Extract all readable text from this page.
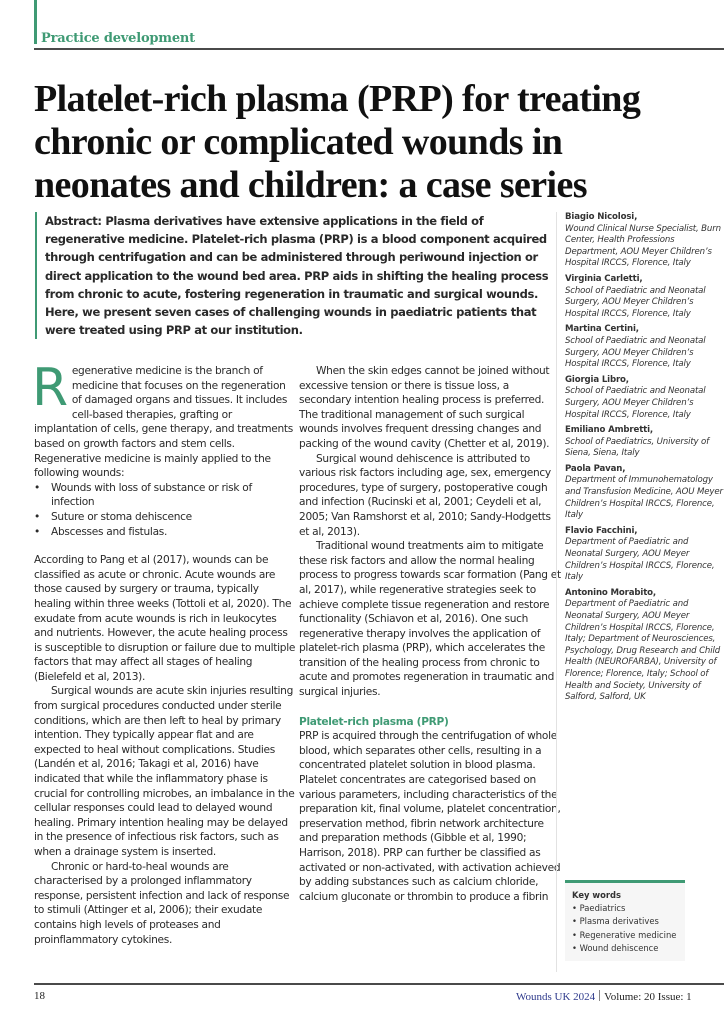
Practice development
Platelet-rich plasma (PRP) for treating chronic or complicated wounds in neonates and children: a case series
Abstract: Plasma derivatives have extensive applications in the field of regenerative medicine. Platelet-rich plasma (PRP) is a blood component acquired through centrifugation and can be administered through periwound injection or direct application to the wound bed area. PRP aids in shifting the healing process from chronic to acute, fostering regeneration in traumatic and surgical wounds. Here, we present seven cases of challenging wounds in paediatric patients that were treated using PRP at our institution.

Regenerative medicine is the branch of medicine that focuses on the regeneration of damaged organs and tissues. It includes cell-based therapies, grafting or implantation of cells, gene therapy, and treatments based on growth factors and stem cells. Regenerative medicine is mainly applied to the following wounds:

• Wounds with loss of substance or risk of infection
• Suture or stoma dehiscence
• Abscesses and fistulas.

According to Pang et al (2017), wounds can be classified as acute or chronic. Acute wounds are those caused by surgery or trauma, typically healing within three weeks (Tottoli et al, 2020). The exudate from acute wounds is rich in leukocytes and nutrients. However, the acute healing process is susceptible to disruption or failure due to multiple factors that may affect all stages of healing (Bielefeld et al, 2013).

Surgical wounds are acute skin injuries resulting from surgical procedures conducted under sterile conditions, which are then left to heal by primary intention. They typically appear flat and are expected to heal without complications. Studies (Landén et al, 2016; Takagi et al, 2016) have indicated that while the inflammatory phase is crucial for controlling microbes, an imbalance in the cellular responses could lead to delayed wound healing. Primary intention healing may be delayed in the presence of infectious risk factors, such as when a drainage system is inserted.

Chronic or hard-to-heal wounds are characterised by a prolonged inflammatory response, persistent infection and lack of response to stimuli (Attinger et al, 2006); their exudate contains high levels of proteases and proinflammatory cytokines.

When the skin edges cannot be joined without excessive tension or there is tissue loss, a secondary intention healing process is preferred. The traditional management of such surgical wounds involves frequent dressing changes and packing of the wound cavity (Chetter et al, 2019).

Surgical wound dehiscence is attributed to various risk factors including age, sex, emergency procedures, type of surgery, postoperative cough and infection (Rucinski et al, 2001; Ceydeli et al, 2005; Van Ramshorst et al, 2010; Sandy-Hodgetts et al, 2013).

Traditional wound treatments aim to mitigate these risk factors and allow the normal healing process to progress towards scar formation (Pang et al, 2017), while regenerative strategies seek to achieve complete tissue regeneration and restore functionality (Schiavon et al, 2016). One such regenerative therapy involves the application of platelet-rich plasma (PRP), which accelerates the transition of the healing process from chronic to acute and promotes regeneration in traumatic and surgical injuries.

Platelet-rich plasma (PRP)

PRP is acquired through the centrifugation of whole blood, which separates other cells, resulting in a concentrated platelet solution in blood plasma. Platelet concentrates are categorised based on various parameters, including characteristics of the preparation kit, final volume, platelet concentration, preservation method, fibrin network architecture and preparation methods (Gibble et al, 1990; Harrison, 2018). PRP can further be classified as activated or non-activated, with activation achieved by adding substances such as calcium chloride, calcium gluconate or thrombin to produce a fibrin

Biagio Nicolosi,
Wound Clinical Nurse Specialist, Burn Center, Health Professions Department, AOU Meyer Children’s Hospital IRCCS, Florence, Italy
Virginia Carletti,
School of Paediatric and Neonatal Surgery, AOU Meyer Children’s Hospital IRCCS, Florence, Italy
Martina Certini,
School of Paediatric and Neonatal Surgery, AOU Meyer Children’s Hospital IRCCS, Florence, Italy
Giorgia Libro,
School of Paediatric and Neonatal Surgery, AOU Meyer Children’s Hospital IRCCS, Florence, Italy
Emiliano Ambretti,
School of Paediatrics, University of Siena, Siena, Italy
Paola Pavan,
Department of Immunohematology and Transfusion Medicine, AOU Meyer Children’s Hospital IRCCS, Florence, Italy
Flavio Facchini,
Department of Paediatric and Neonatal Surgery, AOU Meyer Children’s Hospital IRCCS, Florence, Italy
Antonino Morabito,
Department of Paediatric and Neonatal Surgery, AOU Meyer Children’s Hospital IRCCS, Florence, Italy; Department of Neurosciences, Psychology, Drug Research and Child Health (NEUROFARBA), University of Florence; Florence, Italy; School of Health and Society, University of Salford, Salford, UK
Key words
• Paediatrics
• Plasma derivatives
• Regenerative medicine
• Wound dehiscence
18	Wounds UK 2024 Volume: 20 Issue: 1
